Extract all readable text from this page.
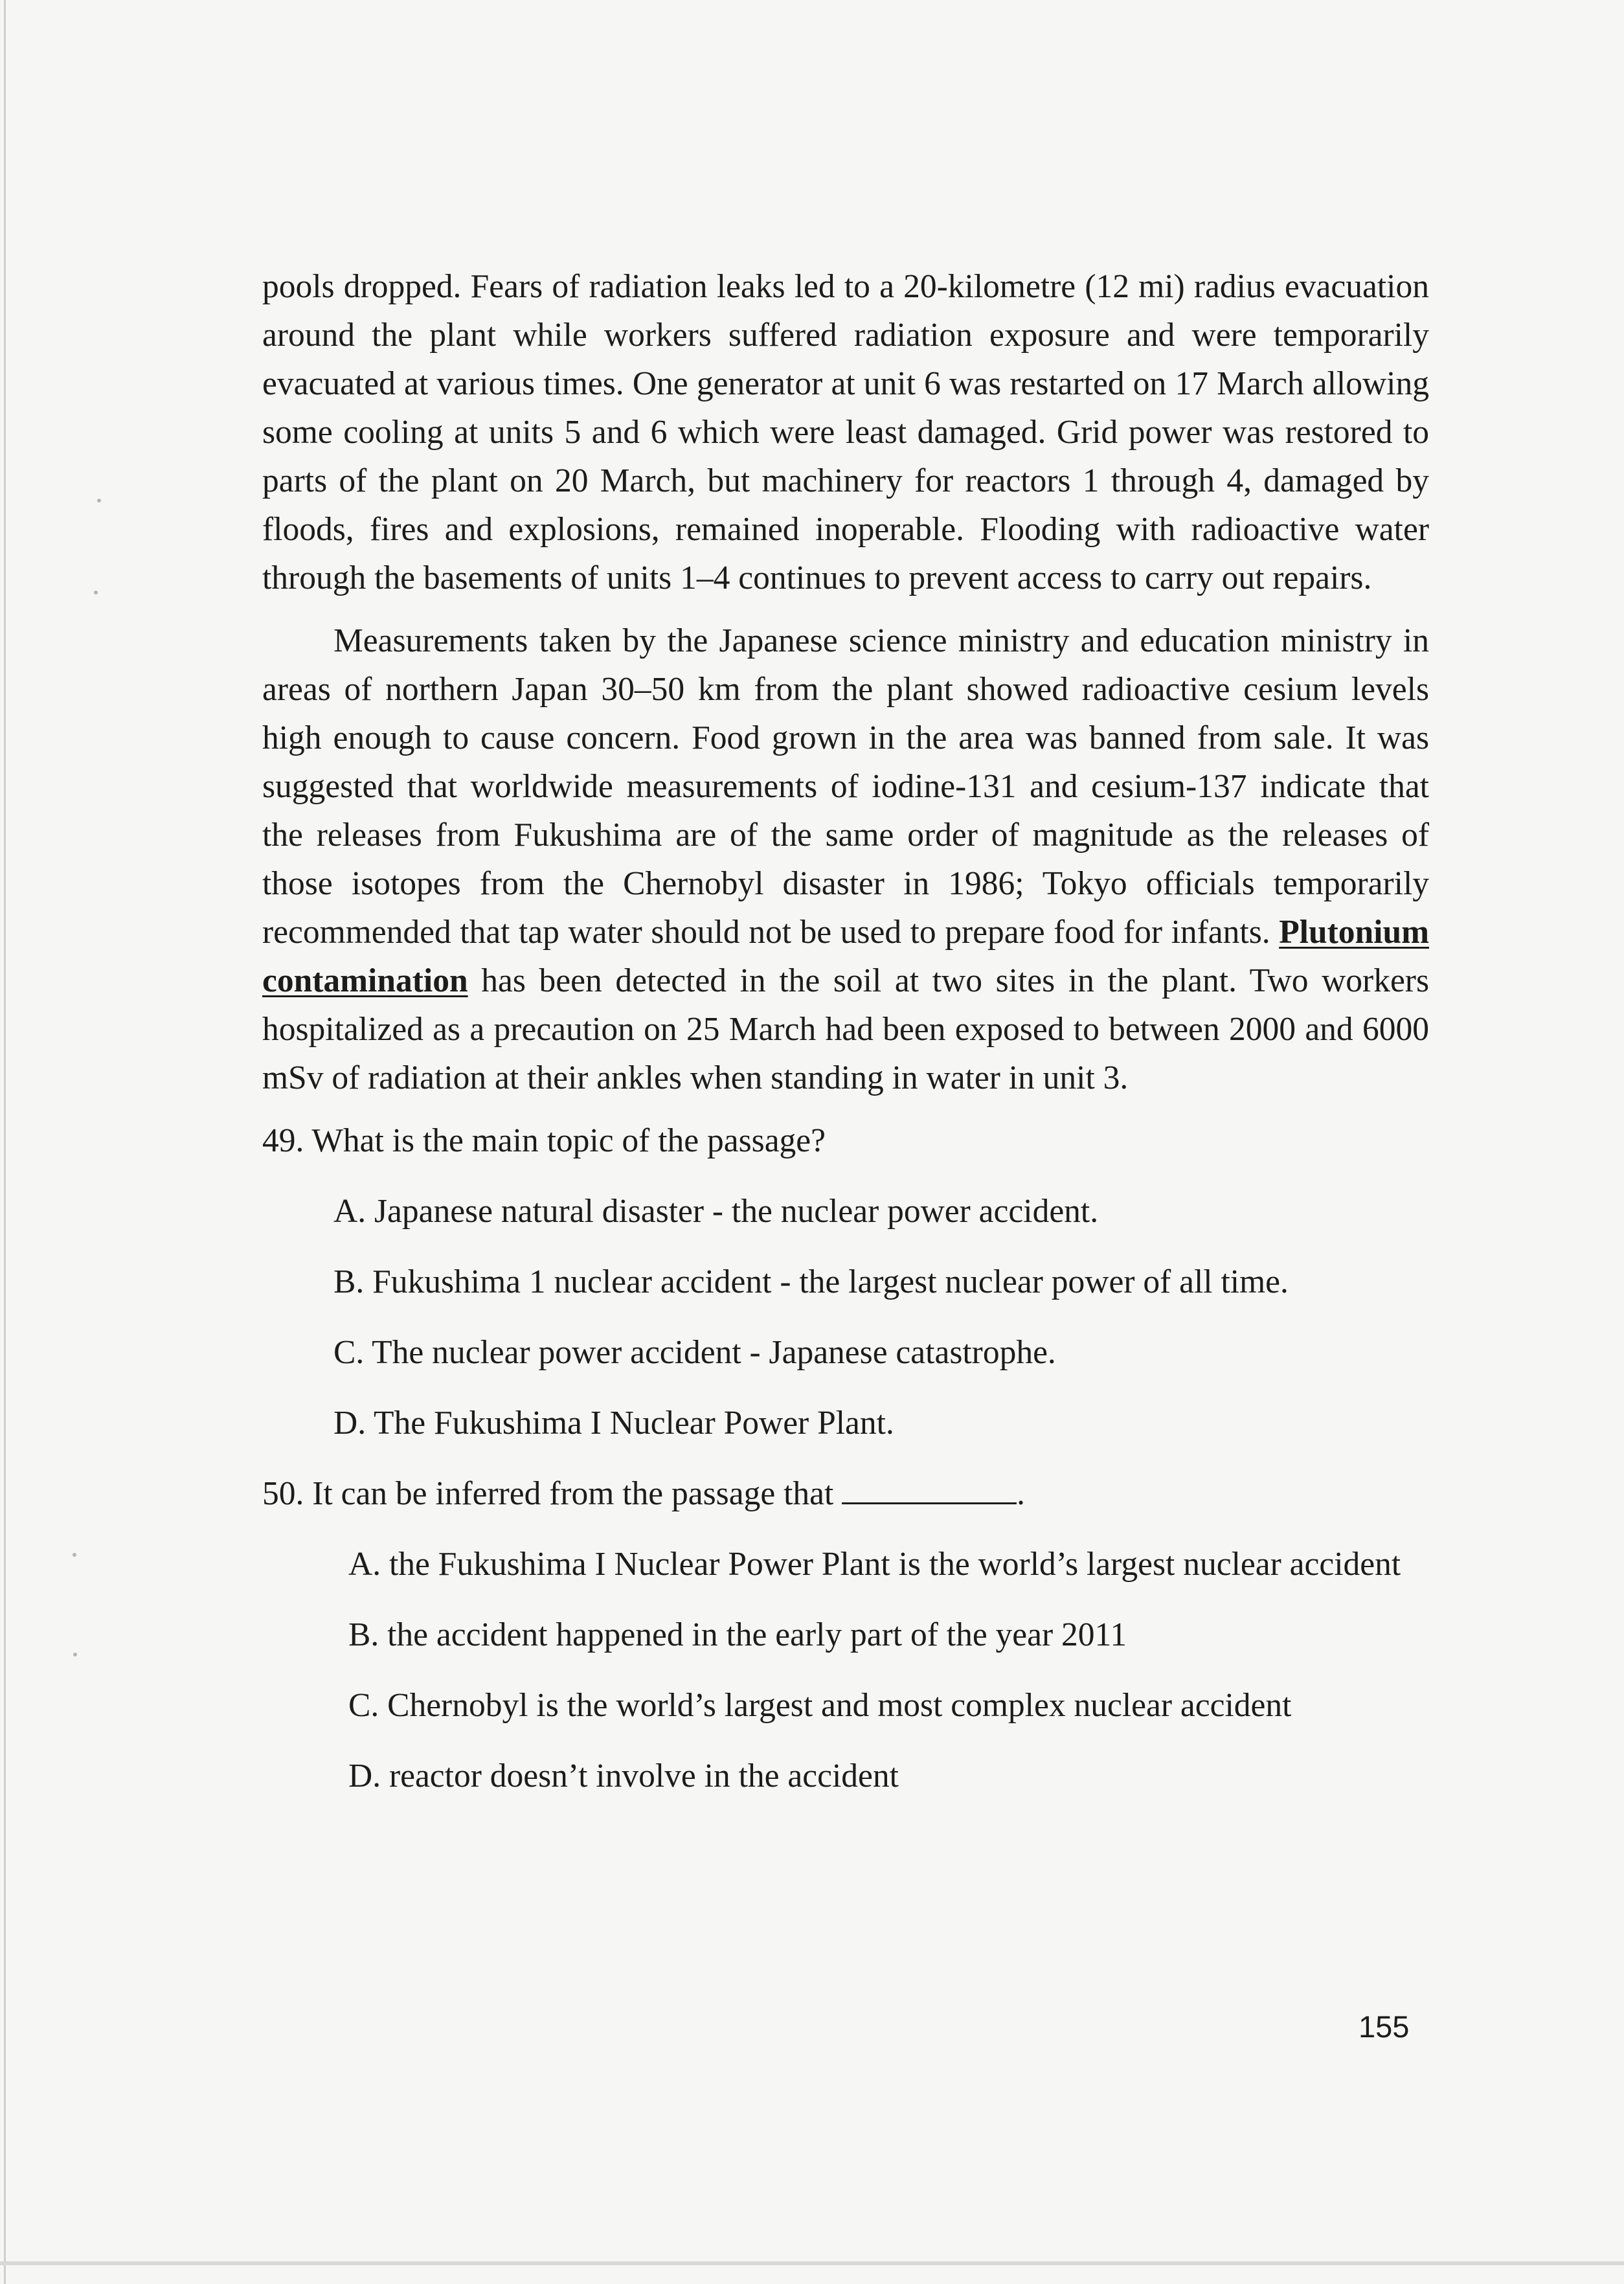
pools dropped. Fears of radiation leaks led to a 20-kilometre (12 mi) radius evacuation around the plant while workers suffered radiation exposure and were temporarily evacuated at various times. One generator at unit 6 was restarted on 17 March allowing some cooling at units 5 and 6 which were least damaged. Grid power was restored to parts of the plant on 20 March, but machinery for reactors 1 through 4, damaged by floods, fires and explosions, remained inoperable. Flooding with radioactive water through the basements of units 1–4 continues to prevent access to carry out repairs.

Measurements taken by the Japanese science ministry and education ministry in areas of northern Japan 30–50 km from the plant showed radioactive cesium levels high enough to cause concern. Food grown in the area was banned from sale. It was suggested that worldwide measurements of iodine-131 and cesium-137 indicate that the releases from Fukushima are of the same order of magnitude as the releases of those isotopes from the Chernobyl disaster in 1986; Tokyo officials temporarily recommended that tap water should not be used to prepare food for infants. Plutonium contamination has been detected in the soil at two sites in the plant. Two workers hospitalized as a precaution on 25 March had been exposed to between 2000 and 6000 mSv of radiation at their ankles when standing in water in unit 3.

49. What is the main topic of the passage?

A. Japanese natural disaster - the nuclear power accident.

B. Fukushima 1 nuclear accident - the largest nuclear power of all time.

C. The nuclear power accident - Japanese catastrophe.

D. The Fukushima I Nuclear Power Plant.

50. It can be inferred from the passage that	.

A. the Fukushima I Nuclear Power Plant is the world’s largest nuclear accident

B. the accident happened in the early part of the year 2011

C. Chernobyl is the world’s largest and most complex nuclear accident

D. reactor doesn’t involve in the accident

155
